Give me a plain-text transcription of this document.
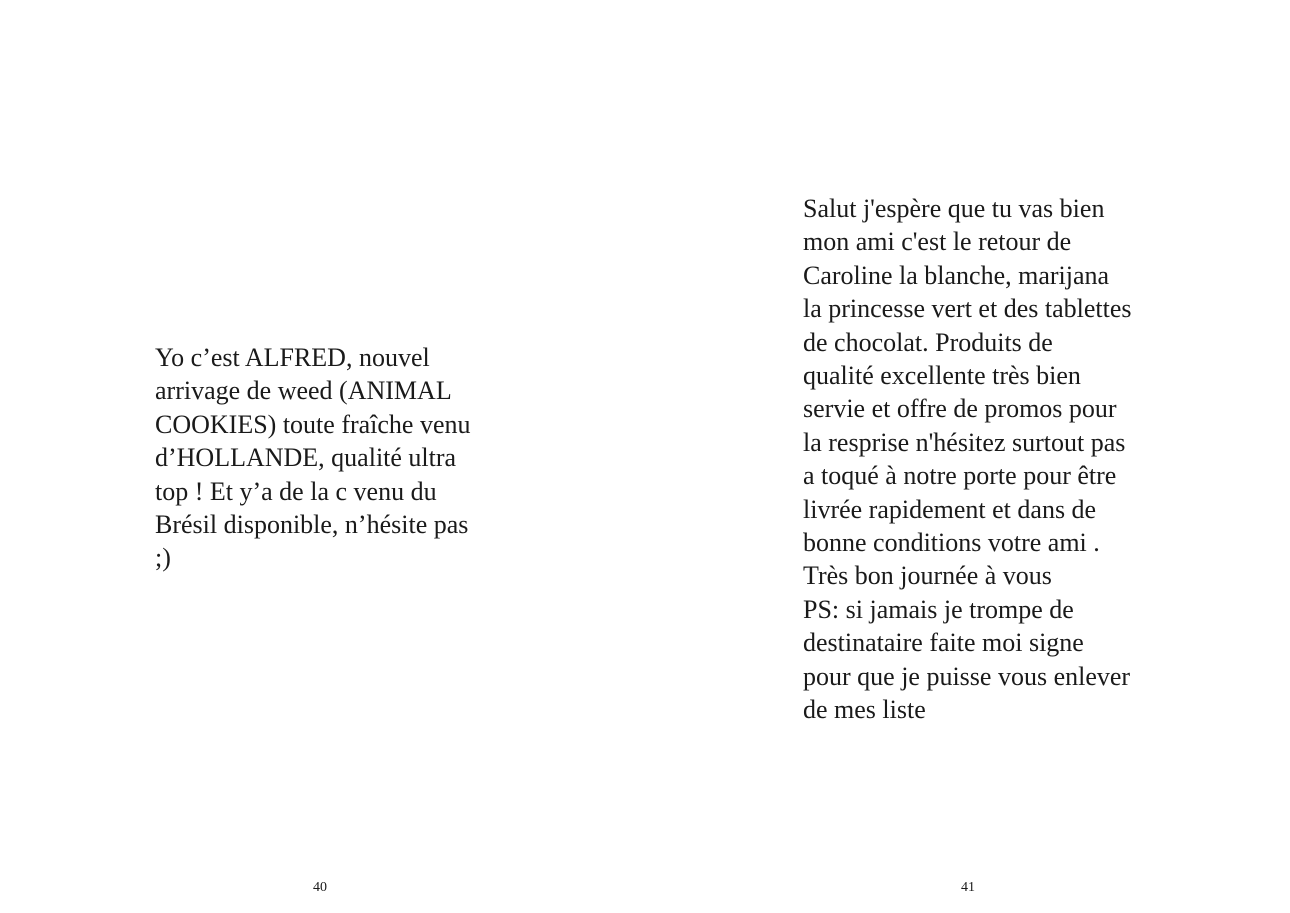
Yo c’est ALFRED, nouvel
arrivage de weed (ANIMAL
COOKIES) toute fraîche venu
d’HOLLANDE, qualité ultra
top ! Et y’a de la c venu du
Brésil disponible, n’hésite pas
;)

40

Salut j'espère que tu vas bien
mon ami c'est le retour de
Caroline la blanche, marijana
la princesse vert et des tablettes
de chocolat. Produits de
qualité excellente très bien
servie et offre de promos pour
la resprise n'hésitez surtout pas
a toqué à notre porte pour être
livrée rapidement et dans de
bonne conditions votre ami .
Très bon journée à vous
PS: si jamais je trompe de
destinataire faite moi signe
pour que je puisse vous enlever
de mes liste

41
